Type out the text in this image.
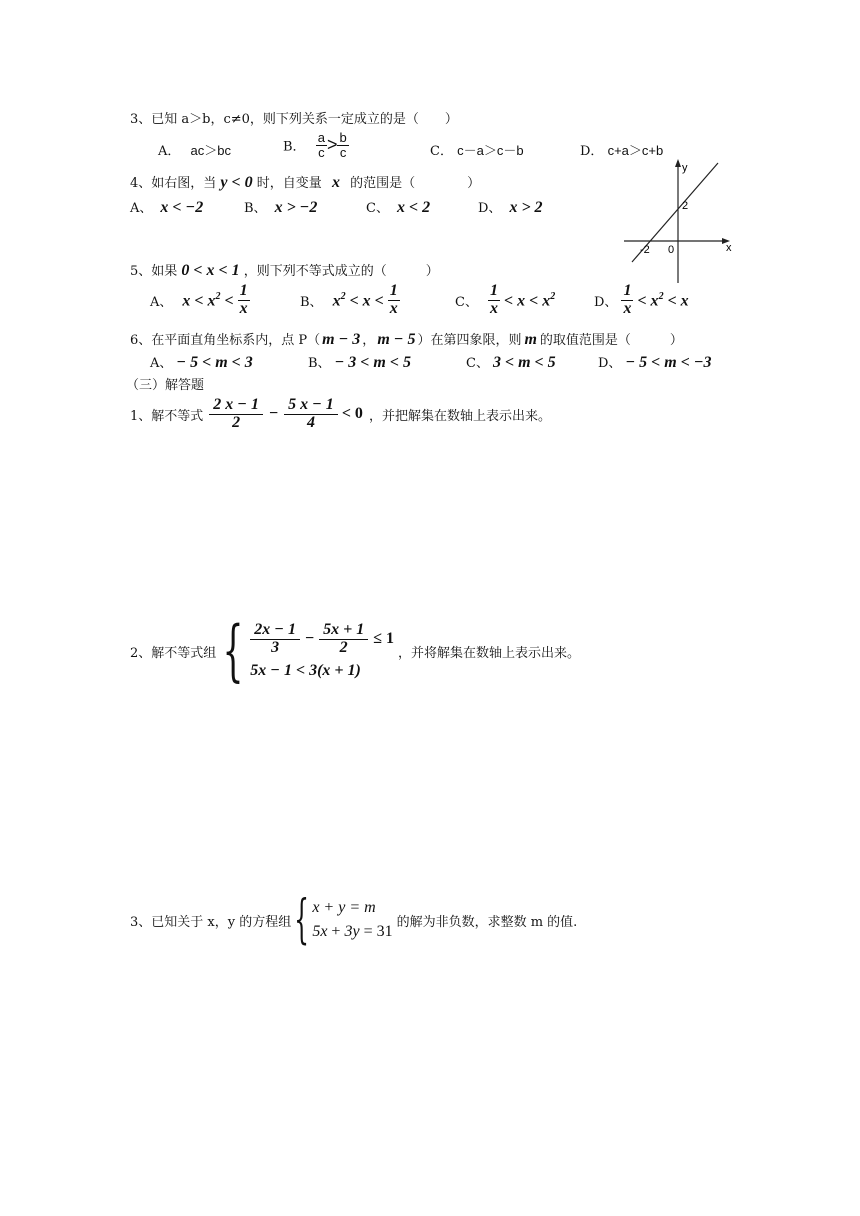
3、已知 a＞b，c≠0，则下列关系一定成立的是（　　）
A． ac＞bc	B． $\frac{a}{c} > \frac{b}{c}$	C． c－a＞c－b	D． c+a＞c+b
4、如右图，当 y < 0 时，自变量 x 的范围是（　　　　）
A、 x < −2	B、 x > −2	C、 x < 2	D、 x > 2
y
x
2
-2 0
5、如果 0 < x < 1 ，则下列不等式成立的（　　　）
A、 $x < x^2 < \frac{1}{x}$	B、 $x^2 < x < \frac{1}{x}$	C、 $\frac{1}{x} < x < x^2$	D、 $\frac{1}{x} < x^2 < x$
6、在平面直角坐标系内，点 P（ m − 3 ， m − 5 ）在第四象限，则 m 的取值范围是（　　　）
A、 − 5 < m < 3	B、 − 3 < m < 5	C、 3 < m < 5	D、 − 5 < m < −3
（三）解答题
1、解不等式 $\frac{2 x - 1}{2} - \frac{5 x - 1}{4} < 0$ ，并把解集在数轴上表示出来。
2、解不等式组 { $\frac{2x - 1}{3} - \frac{5x + 1}{2} \le 1$
5x − 1 < 3(x + 1)
，并将解集在数轴上表示出来。
3、已知关于 x，y 的方程组 { x + y = m
5x + 3y = 31
的解为非负数，求整数 m 的值.
